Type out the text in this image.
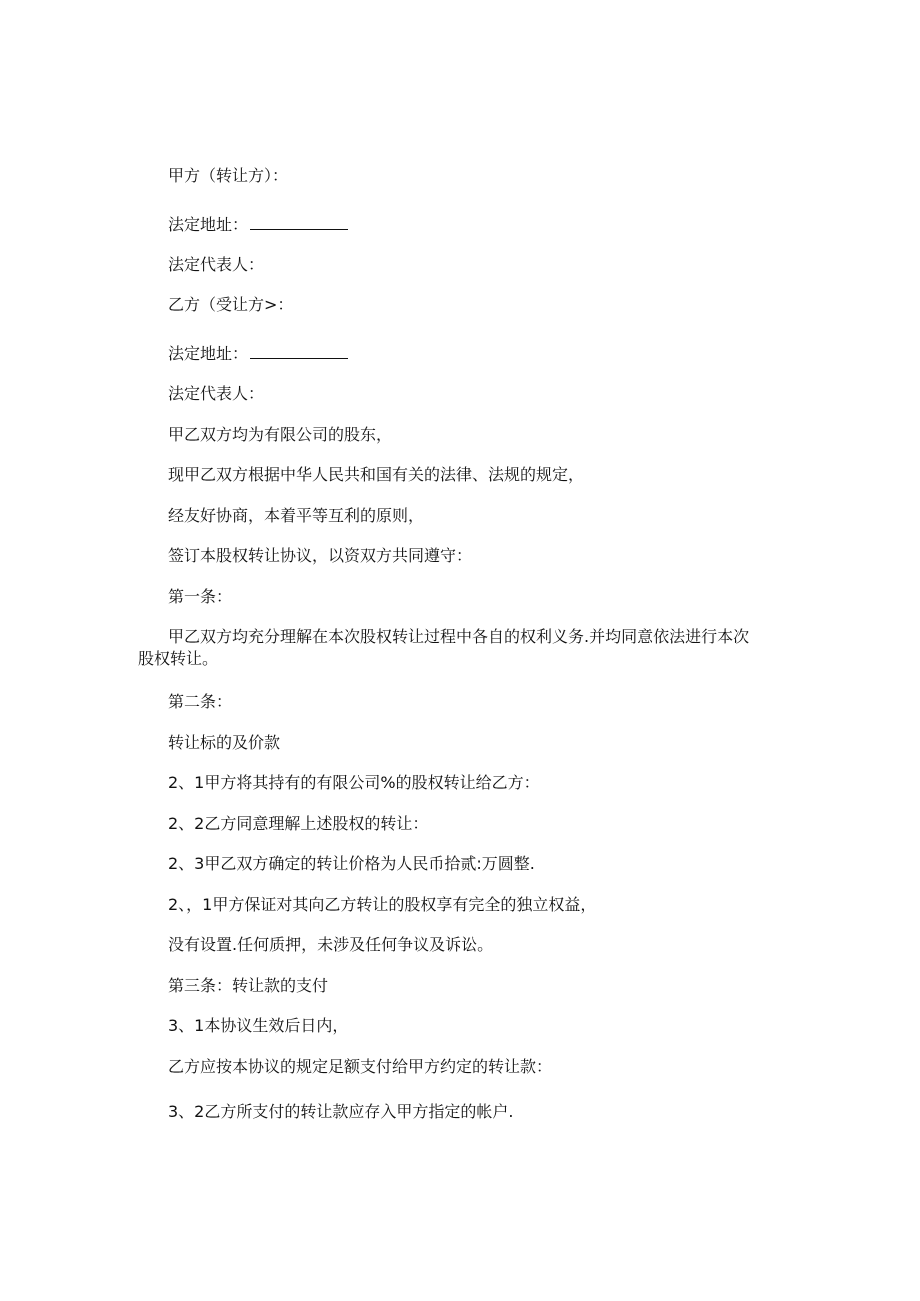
甲方（转让方）：
法定地址：
法定代表人：
乙方（受让方>：
法定地址：
法定代表人：
甲乙双方均为有限公司的股东，
现甲乙双方根据中华人民共和国有关的法律、法规的规定，
经友好协商，本着平等互利的原则，
签订本股权转让协议，以资双方共同遵守：
第一条：
甲乙双方均充分理解在本次股权转让过程中各自的权利义务.并均同意依法进行本次
股权转让。
第二条：
转让标的及价款
2、1甲方将其持有的有限公司%的股权转让给乙方：
2、2乙方同意理解上述股权的转让：
2、3甲乙双方确定的转让价格为人民币拾贰:万圆整.
2、，1甲方保证对其向乙方转让的股权享有完全的独立权益，
没有设置.任何质押，未涉及任何争议及诉讼。
第三条：转让款的支付
3、1本协议生效后日内，
乙方应按本协议的规定足额支付给甲方约定的转让款：
3、2乙方所支付的转让款应存入甲方指定的帐户.
